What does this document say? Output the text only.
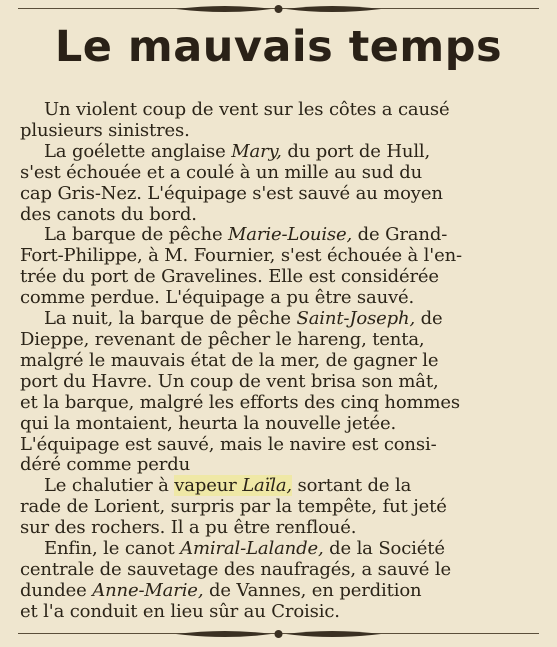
Le mauvais temps
Un violent coup de vent sur les côtes a causé
plusieurs sinistres.
La goélette anglaise Mary, du port de Hull,
s'est échouée et a coulé à un mille au sud du
cap Gris-Nez. L'équipage s'est sauvé au moyen
des canots du bord.
La barque de pêche Marie-Louise, de Grand-
Fort-Philippe, à M. Fournier, s'est échouée à l'en-
trée du port de Gravelines. Elle est considérée
comme perdue. L'équipage a pu être sauvé.
La nuit, la barque de pêche Saint-Joseph, de
Dieppe, revenant de pêcher le hareng, tenta,
malgré le mauvais état de la mer, de gagner le
port du Havre. Un coup de vent brisa son mât,
et la barque, malgré les efforts des cinq hommes
qui la montaient, heurta la nouvelle jetée.
L'équipage est sauvé, mais le navire est consi-
déré comme perdu
Le chalutier à vapeur Laïla, sortant de la
rade de Lorient, surpris par la tempête, fut jeté
sur des rochers. Il a pu être renfloué.
Enfin, le canot Amiral-Lalande, de la Société
centrale de sauvetage des naufragés, a sauvé le
dundee Anne-Marie, de Vannes, en perdition
et l'a conduit en lieu sûr au Croisic.
